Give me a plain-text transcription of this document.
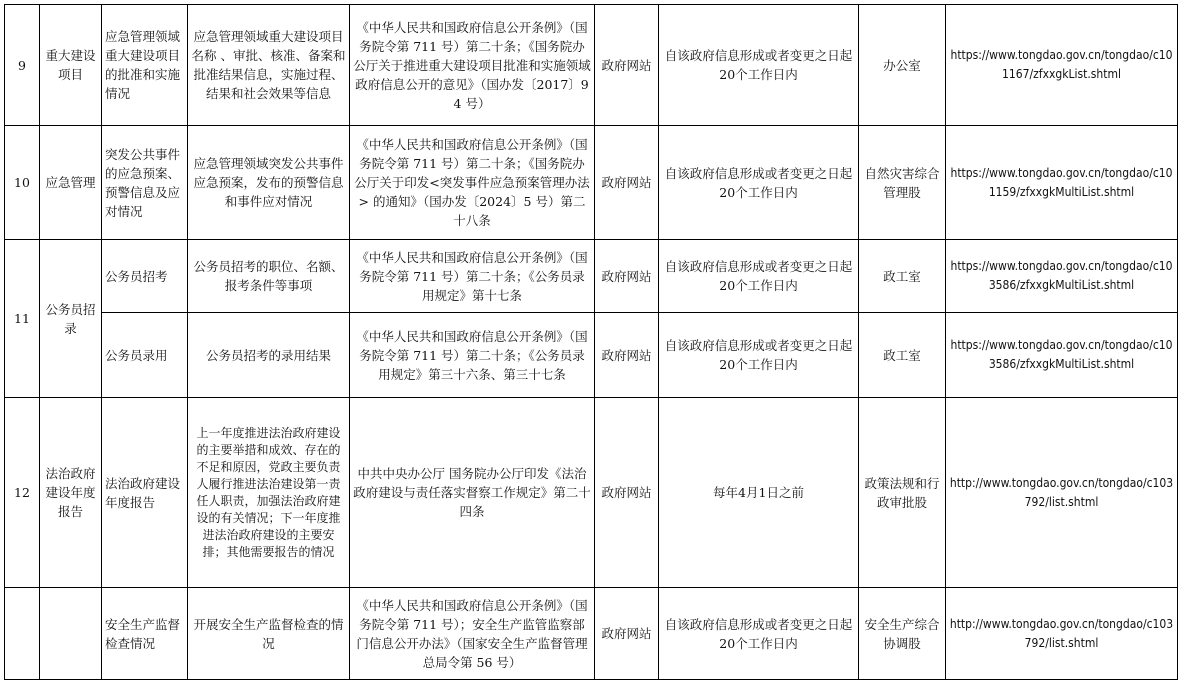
9	重大建设项目	应急管理领域重大建设项目的批准和实施情况	应急管理领域重大建设项目名称 、审批、核准、备案和批准结果信息，实施过程、结果和社会效果等信息	《中华人民共和国政府信息公开条例》（国务院令第 711 号）第二十条；《国务院办公厅关于推进重大建设项目批准和实施领域政府信息公开的意见》（国办发〔2017〕94 号）	政府网站	自该政府信息形成或者变更之日起20个工作日内	办公室	https://www.tongdao.gov.cn/tongdao/c101167/zfxxgkList.shtml
10	应急管理	突发公共事件的应急预案、预警信息及应对情况	应急管理领域突发公共事件应急预案，发布的预警信息和事件应对情况	《中华人民共和国政府信息公开条例》（国务院令第 711 号）第二十条；《国务院办公厅关于印发<突发事件应急预案管理办法> 的通知》（国办发〔2024〕5 号）第二十八条	政府网站	自该政府信息形成或者变更之日起20个工作日内	自然灾害综合管理股	https://www.tongdao.gov.cn/tongdao/c101159/zfxxgkMultiList.shtml
11	公务员招录	公务员招考	公务员招考的职位、名额、报考条件等事项	《中华人民共和国政府信息公开条例》（国务院令第 711 号）第二十条；《公务员录用规定》第十七条	政府网站	自该政府信息形成或者变更之日起20个工作日内	政工室	https://www.tongdao.gov.cn/tongdao/c103586/zfxxgkMultiList.shtml
		公务员录用	公务员招考的录用结果	《中华人民共和国政府信息公开条例》（国务院令第 711 号）第二十条；《公务员录用规定》第三十六条、第三十七条	政府网站	自该政府信息形成或者变更之日起20个工作日内	政工室	https://www.tongdao.gov.cn/tongdao/c103586/zfxxgkMultiList.shtml
12	法治政府建设年度报告	法治政府建设年度报告	上一年度推进法治政府建设的主要举措和成效、存在的不足和原因，党政主要负责人履行推进法治建设第一责任人职责，加强法治政府建设的有关情况；下一年度推进法治政府建设的主要安排；其他需要报告的情况	中共中央办公厅 国务院办公厅印发《法治政府建设与责任落实督察工作规定》第二十四条	政府网站	每年4月1日之前	政策法规和行政审批股	http://www.tongdao.gov.cn/tongdao/c103792/list.shtml
		安全生产监督检查情况	开展安全生产监督检查的情况	《中华人民共和国政府信息公开条例》（国务院令第 711 号）；安全生产监管监察部门信息公开办法》（国家安全生产监督管理总局令第 56 号）	政府网站	自该政府信息形成或者变更之日起20个工作日内	安全生产综合协调股	http://www.tongdao.gov.cn/tongdao/c103792/list.shtml
